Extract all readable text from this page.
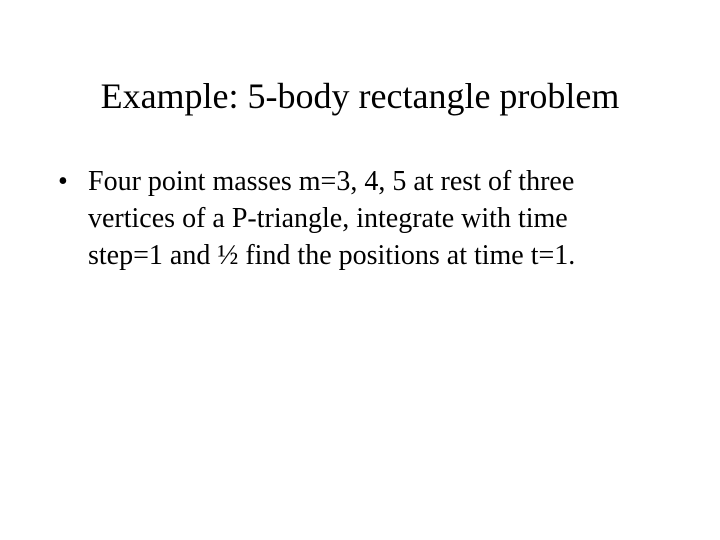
Example: 5-body rectangle problem
• Four point masses m=3, 4, 5 at rest of three
vertices of a P-triangle, integrate with time
step=1 and ½ find the positions at time t=1.
